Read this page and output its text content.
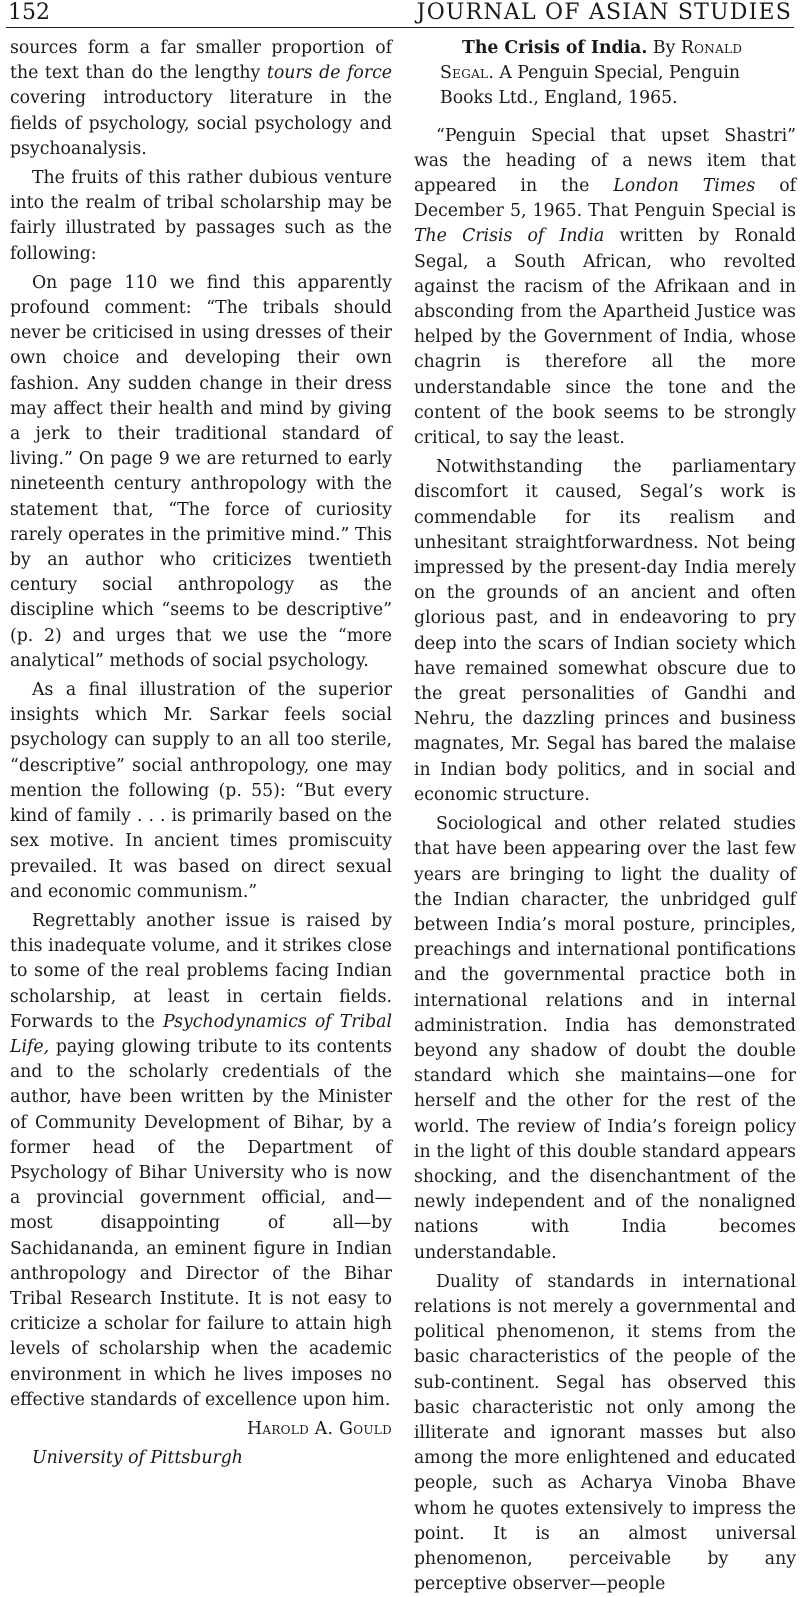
152	JOURNAL OF ASIAN STUDIES

sources form a far smaller proportion of the text than do the lengthy tours de force covering introductory literature in the fields of psychology, social psychology and psychoanalysis.

The fruits of this rather dubious venture into the realm of tribal scholarship may be fairly illustrated by passages such as the following:

On page 110 we find this apparently profound comment: “The tribals should never be criticised in using dresses of their own choice and developing their own fashion. Any sudden change in their dress may affect their health and mind by giving a jerk to their traditional standard of living.” On page 9 we are returned to early nineteenth century anthropology with the statement that, “The force of curiosity rarely operates in the primitive mind.” This by an author who criticizes twentieth century social anthropology as the discipline which “seems to be descriptive” (p. 2) and urges that we use the “more analytical” methods of social psychology.

As a final illustration of the superior insights which Mr. Sarkar feels social psychology can supply to an all too sterile, “descriptive” social anthropology, one may mention the following (p. 55): “But every kind of family . . . is primarily based on the sex motive. In ancient times promiscuity prevailed. It was based on direct sexual and economic communism.”

Regrettably another issue is raised by this inadequate volume, and it strikes close to some of the real problems facing Indian scholarship, at least in certain fields. Forwards to the Psychodynamics of Tribal Life, paying glowing tribute to its contents and to the scholarly credentials of the author, have been written by the Minister of Community Development of Bihar, by a former head of the Department of Psychology of Bihar University who is now a provincial government official, and—most disappointing of all—by Sachidananda, an eminent figure in Indian anthropology and Director of the Bihar Tribal Research Institute. It is not easy to criticize a scholar for failure to attain high levels of scholarship when the academic environment in which he lives imposes no effective standards of excellence upon him.

Harold A. Gould

University of Pittsburgh

The Crisis of India. By Ronald Segal. A Penguin Special, Penguin Books Ltd., England, 1965.

“Penguin Special that upset Shastri” was the heading of a news item that appeared in the London Times of December 5, 1965. That Penguin Special is The Crisis of India written by Ronald Segal, a South African, who revolted against the racism of the Afrikaan and in absconding from the Apartheid Justice was helped by the Government of India, whose chagrin is therefore all the more understandable since the tone and the content of the book seems to be strongly critical, to say the least.

Notwithstanding the parliamentary discomfort it caused, Segal’s work is commendable for its realism and unhesitant straightforwardness. Not being impressed by the present-day India merely on the grounds of an ancient and often glorious past, and in endeavoring to pry deep into the scars of Indian society which have remained somewhat obscure due to the great personalities of Gandhi and Nehru, the dazzling princes and business magnates, Mr. Segal has bared the malaise in Indian body politics, and in social and economic structure.

Sociological and other related studies that have been appearing over the last few years are bringing to light the duality of the Indian character, the unbridged gulf between India’s moral posture, principles, preachings and international pontifications and the governmental practice both in international relations and in internal administration. India has demonstrated beyond any shadow of doubt the double standard which she maintains—one for herself and the other for the rest of the world. The review of India’s foreign policy in the light of this double standard appears shocking, and the disenchantment of the newly independent and of the nonaligned nations with India becomes understandable.

Duality of standards in international relations is not merely a governmental and political phenomenon, it stems from the basic characteristics of the people of the sub-continent. Segal has observed this basic characteristic not only among the illiterate and ignorant masses but also among the more enlightened and educated people, such as Acharya Vinoba Bhave whom he quotes extensively to impress the point. It is an almost universal phenomenon, perceivable by any perceptive observer—people
